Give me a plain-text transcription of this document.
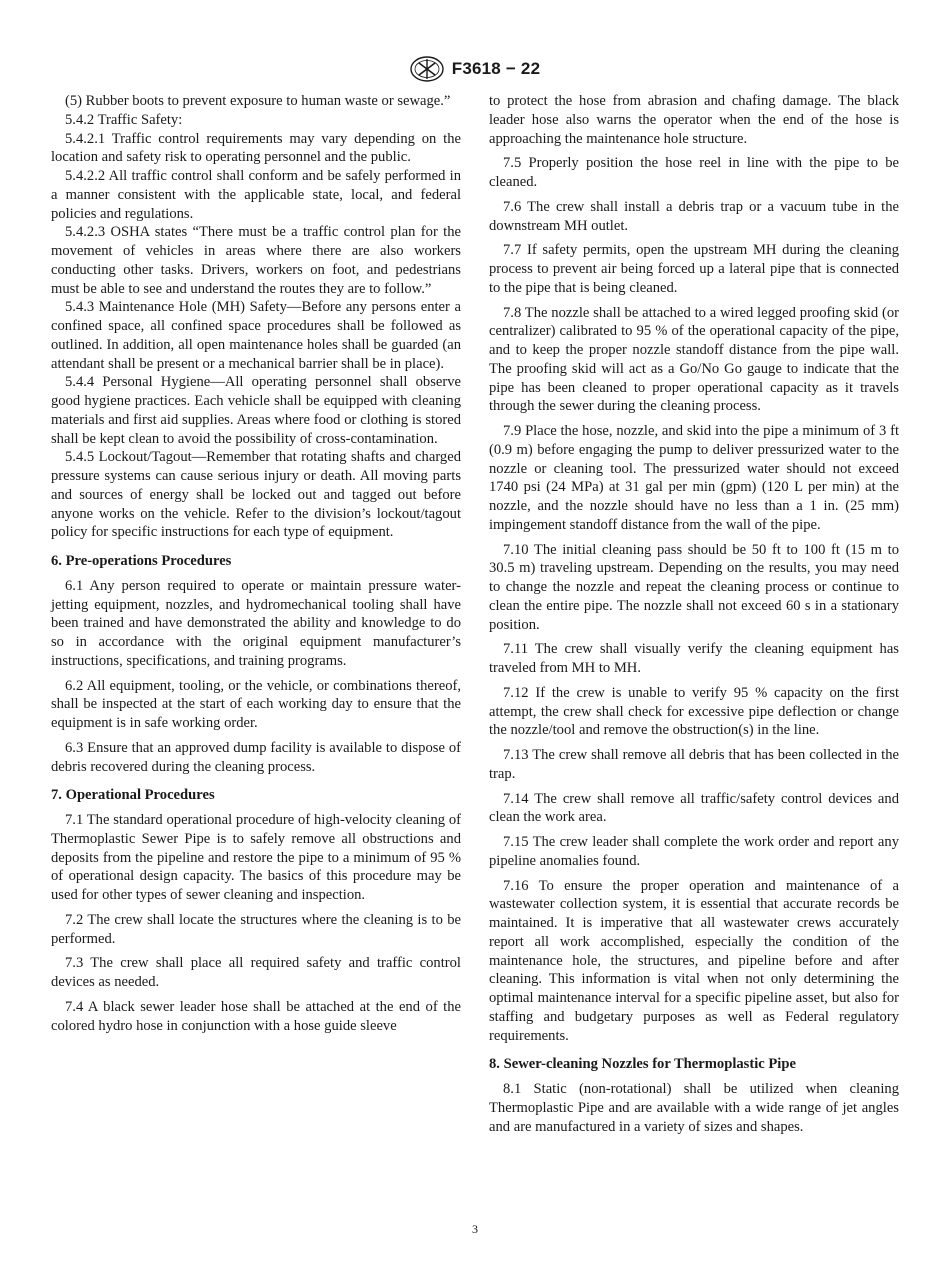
F3618 − 22

(5) Rubber boots to prevent exposure to human waste or sewage.”

5.4.2 Traffic Safety:

5.4.2.1 Traffic control requirements may vary depending on the location and safety risk to operating personnel and the public.

5.4.2.2 All traffic control shall conform and be safely performed in a manner consistent with the applicable state, local, and federal policies and regulations.

5.4.2.3 OSHA states “There must be a traffic control plan for the movement of vehicles in areas where there are also workers conducting other tasks. Drivers, workers on foot, and pedestrians must be able to see and understand the routes they are to follow.”

5.4.3 Maintenance Hole (MH) Safety—Before any persons enter a confined space, all confined space procedures shall be followed as outlined. In addition, all open maintenance holes shall be guarded (an attendant shall be present or a mechanical barrier shall be in place).

5.4.4 Personal Hygiene—All operating personnel shall observe good hygiene practices. Each vehicle shall be equipped with cleaning materials and first aid supplies. Areas where food or clothing is stored shall be kept clean to avoid the possibility of cross-contamination.

5.4.5 Lockout/Tagout—Remember that rotating shafts and charged pressure systems can cause serious injury or death. All moving parts and sources of energy shall be locked out and tagged out before anyone works on the vehicle. Refer to the division’s lockout/tagout policy for specific instructions for each type of equipment.

6. Pre-operations Procedures

6.1 Any person required to operate or maintain pressure water-jetting equipment, nozzles, and hydromechanical tooling shall have been trained and have demonstrated the ability and knowledge to do so in accordance with the original equipment manufacturer’s instructions, specifications, and training programs.

6.2 All equipment, tooling, or the vehicle, or combinations thereof, shall be inspected at the start of each working day to ensure that the equipment is in safe working order.

6.3 Ensure that an approved dump facility is available to dispose of debris recovered during the cleaning process.

7. Operational Procedures

7.1 The standard operational procedure of high-velocity cleaning of Thermoplastic Sewer Pipe is to safely remove all obstructions and deposits from the pipeline and restore the pipe to a minimum of 95 % of operational design capacity. The basics of this procedure may be used for other types of sewer cleaning and inspection.

7.2 The crew shall locate the structures where the cleaning is to be performed.

7.3 The crew shall place all required safety and traffic control devices as needed.

7.4 A black sewer leader hose shall be attached at the end of the colored hydro hose in conjunction with a hose guide sleeve

to protect the hose from abrasion and chafing damage. The black leader hose also warns the operator when the end of the hose is approaching the maintenance hole structure.

7.5 Properly position the hose reel in line with the pipe to be cleaned.

7.6 The crew shall install a debris trap or a vacuum tube in the downstream MH outlet.

7.7 If safety permits, open the upstream MH during the cleaning process to prevent air being forced up a lateral pipe that is connected to the pipe that is being cleaned.

7.8 The nozzle shall be attached to a wired legged proofing skid (or centralizer) calibrated to 95 % of the operational capacity of the pipe, and to keep the proper nozzle standoff distance from the pipe wall. The proofing skid will act as a Go/No Go gauge to indicate that the pipe has been cleaned to proper operational capacity as it travels through the sewer during the cleaning process.

7.9 Place the hose, nozzle, and skid into the pipe a minimum of 3 ft (0.9 m) before engaging the pump to deliver pressurized water to the nozzle or cleaning tool. The pressurized water should not exceed 1740 psi (24 MPa) at 31 gal per min (gpm) (120 L per min) at the nozzle, and the nozzle should have no less than a 1 in. (25 mm) impingement standoff distance from the wall of the pipe.

7.10 The initial cleaning pass should be 50 ft to 100 ft (15 m to 30.5 m) traveling upstream. Depending on the results, you may need to change the nozzle and repeat the cleaning process or continue to clean the entire pipe. The nozzle shall not exceed 60 s in a stationary position.

7.11 The crew shall visually verify the cleaning equipment has traveled from MH to MH.

7.12 If the crew is unable to verify 95 % capacity on the first attempt, the crew shall check for excessive pipe deflection or change the nozzle/tool and remove the obstruction(s) in the line.

7.13 The crew shall remove all debris that has been collected in the trap.

7.14 The crew shall remove all traffic/safety control devices and clean the work area.

7.15 The crew leader shall complete the work order and report any pipeline anomalies found.

7.16 To ensure the proper operation and maintenance of a wastewater collection system, it is essential that accurate records be maintained. It is imperative that all wastewater crews accurately report all work accomplished, especially the condition of the maintenance hole, the structures, and pipeline before and after cleaning. This information is vital when not only determining the optimal maintenance interval for a specific pipeline asset, but also for staffing and budgetary purposes as well as Federal regulatory requirements.

8. Sewer-cleaning Nozzles for Thermoplastic Pipe

8.1 Static (non-rotational) shall be utilized when cleaning Thermoplastic Pipe and are available with a wide range of jet angles and are manufactured in a variety of sizes and shapes.

3
